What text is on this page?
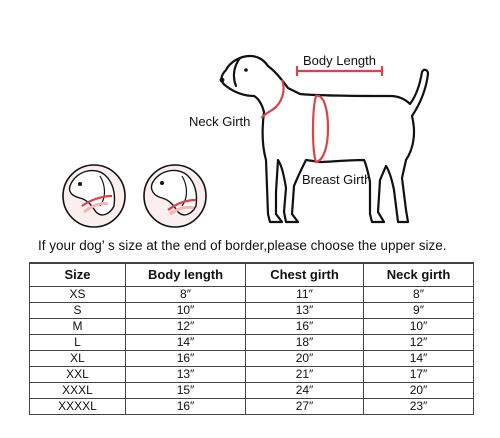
Body Length
Neck Girth
Breast Girth
If your dog’ s size at the end of border,please choose the upper size.
Size	Body length	Chest girth	Neck girth
XS	8″	11″	8″
S	10″	13″	9″
M	12″	16″	10″
L	14″	18″	12″
XL	16″	20″	14″
XXL	13″	21″	17″
XXXL	15″	24″	20″
XXXXL	16″	27″	23″
